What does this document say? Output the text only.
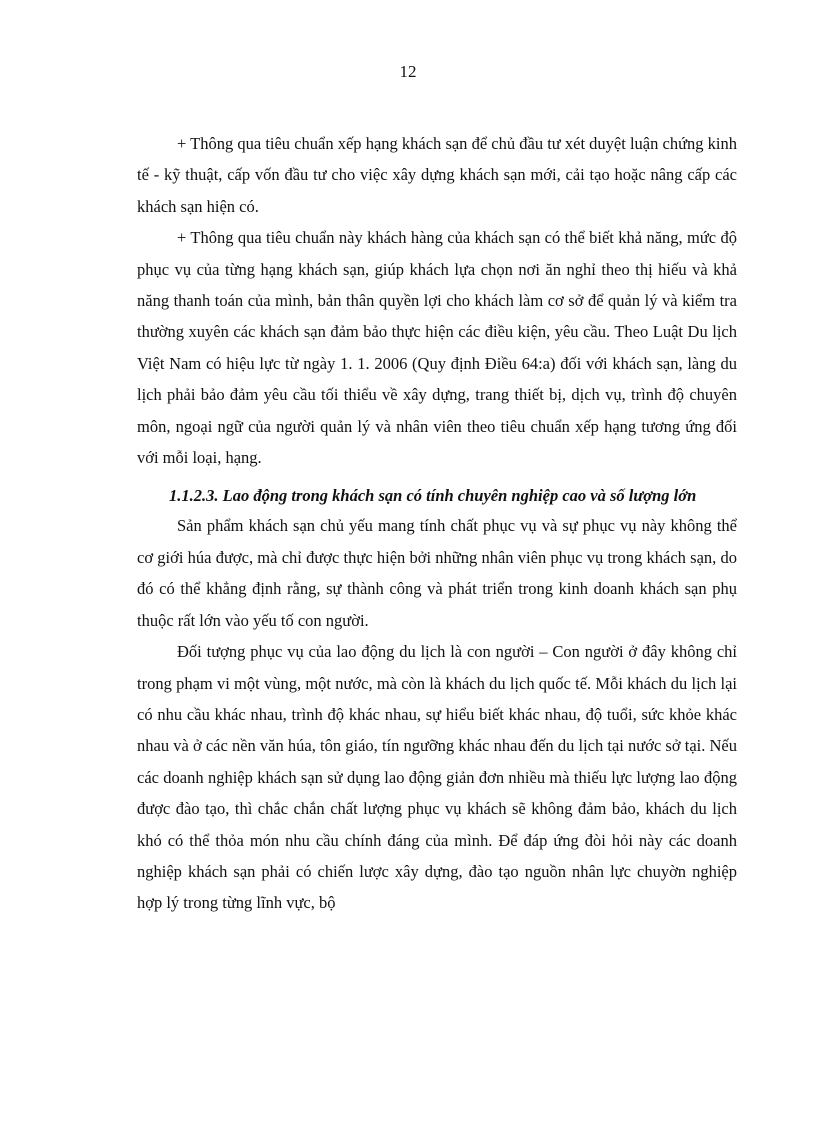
12

+ Thông qua tiêu chuẩn xếp hạng khách sạn để chủ đầu tư xét duyệt luận chứng kinh tế - kỹ thuật, cấp vốn đầu tư cho việc xây dựng khách sạn mới, cải tạo hoặc nâng cấp các khách sạn hiện có.

+ Thông qua tiêu chuẩn này khách hàng của khách sạn có thể biết khả năng, mức độ phục vụ của từng hạng khách sạn, giúp khách lựa chọn nơi ăn nghỉ theo thị hiếu và khả năng thanh toán của mình, bản thân quyền lợi cho khách làm cơ sở để quản lý và kiểm tra thường xuyên các khách sạn đảm bảo thực hiện các điều kiện, yêu cầu. Theo Luật Du lịch Việt Nam có hiệu lực từ ngày 1. 1. 2006 (Quy định Điều 64:a) đối với khách sạn, làng du lịch phải bảo đảm yêu cầu tối thiểu về xây dựng, trang thiết bị, dịch vụ, trình độ chuyên môn, ngoại ngữ của người quản lý và nhân viên theo tiêu chuẩn xếp hạng tương ứng đối với mỗi loại, hạng.

1.1.2.3. Lao động trong khách sạn có tính chuyên nghiệp cao và số lượng lớn

Sản phẩm khách sạn chủ yếu mang tính chất phục vụ và sự phục vụ này không thể cơ giới húa được, mà chỉ được thực hiện bởi những nhân viên phục vụ trong khách sạn, do đó có thể khẳng định rằng, sự thành công và phát triển trong kinh doanh khách sạn phụ thuộc rất lớn vào yếu tố con người.

Đối tượng phục vụ của lao động du lịch là con người – Con người ở đây không chỉ trong phạm vi một vùng, một nước, mà còn là khách du lịch quốc tế. Mỗi khách du lịch lại có nhu cầu khác nhau, trình độ khác nhau, sự hiểu biết khác nhau, độ tuổi, sức khỏe khác nhau và ở các nền văn húa, tôn giáo, tín ngưỡng khác nhau đến du lịch tại nước sở tại. Nếu các doanh nghiệp khách sạn sử dụng lao động giản đơn nhiều mà thiếu lực lượng lao động được đào tạo, thì chắc chắn chất lượng phục vụ khách sẽ không đảm bảo, khách du lịch khó có thể thỏa món nhu cầu chính đáng của mình. Để đáp ứng đòi hỏi này các doanh nghiệp khách sạn phải có chiến lược xây dựng, đào tạo nguồn nhân lực chuyờn nghiệp hợp lý trong từng lĩnh vực, bộ
